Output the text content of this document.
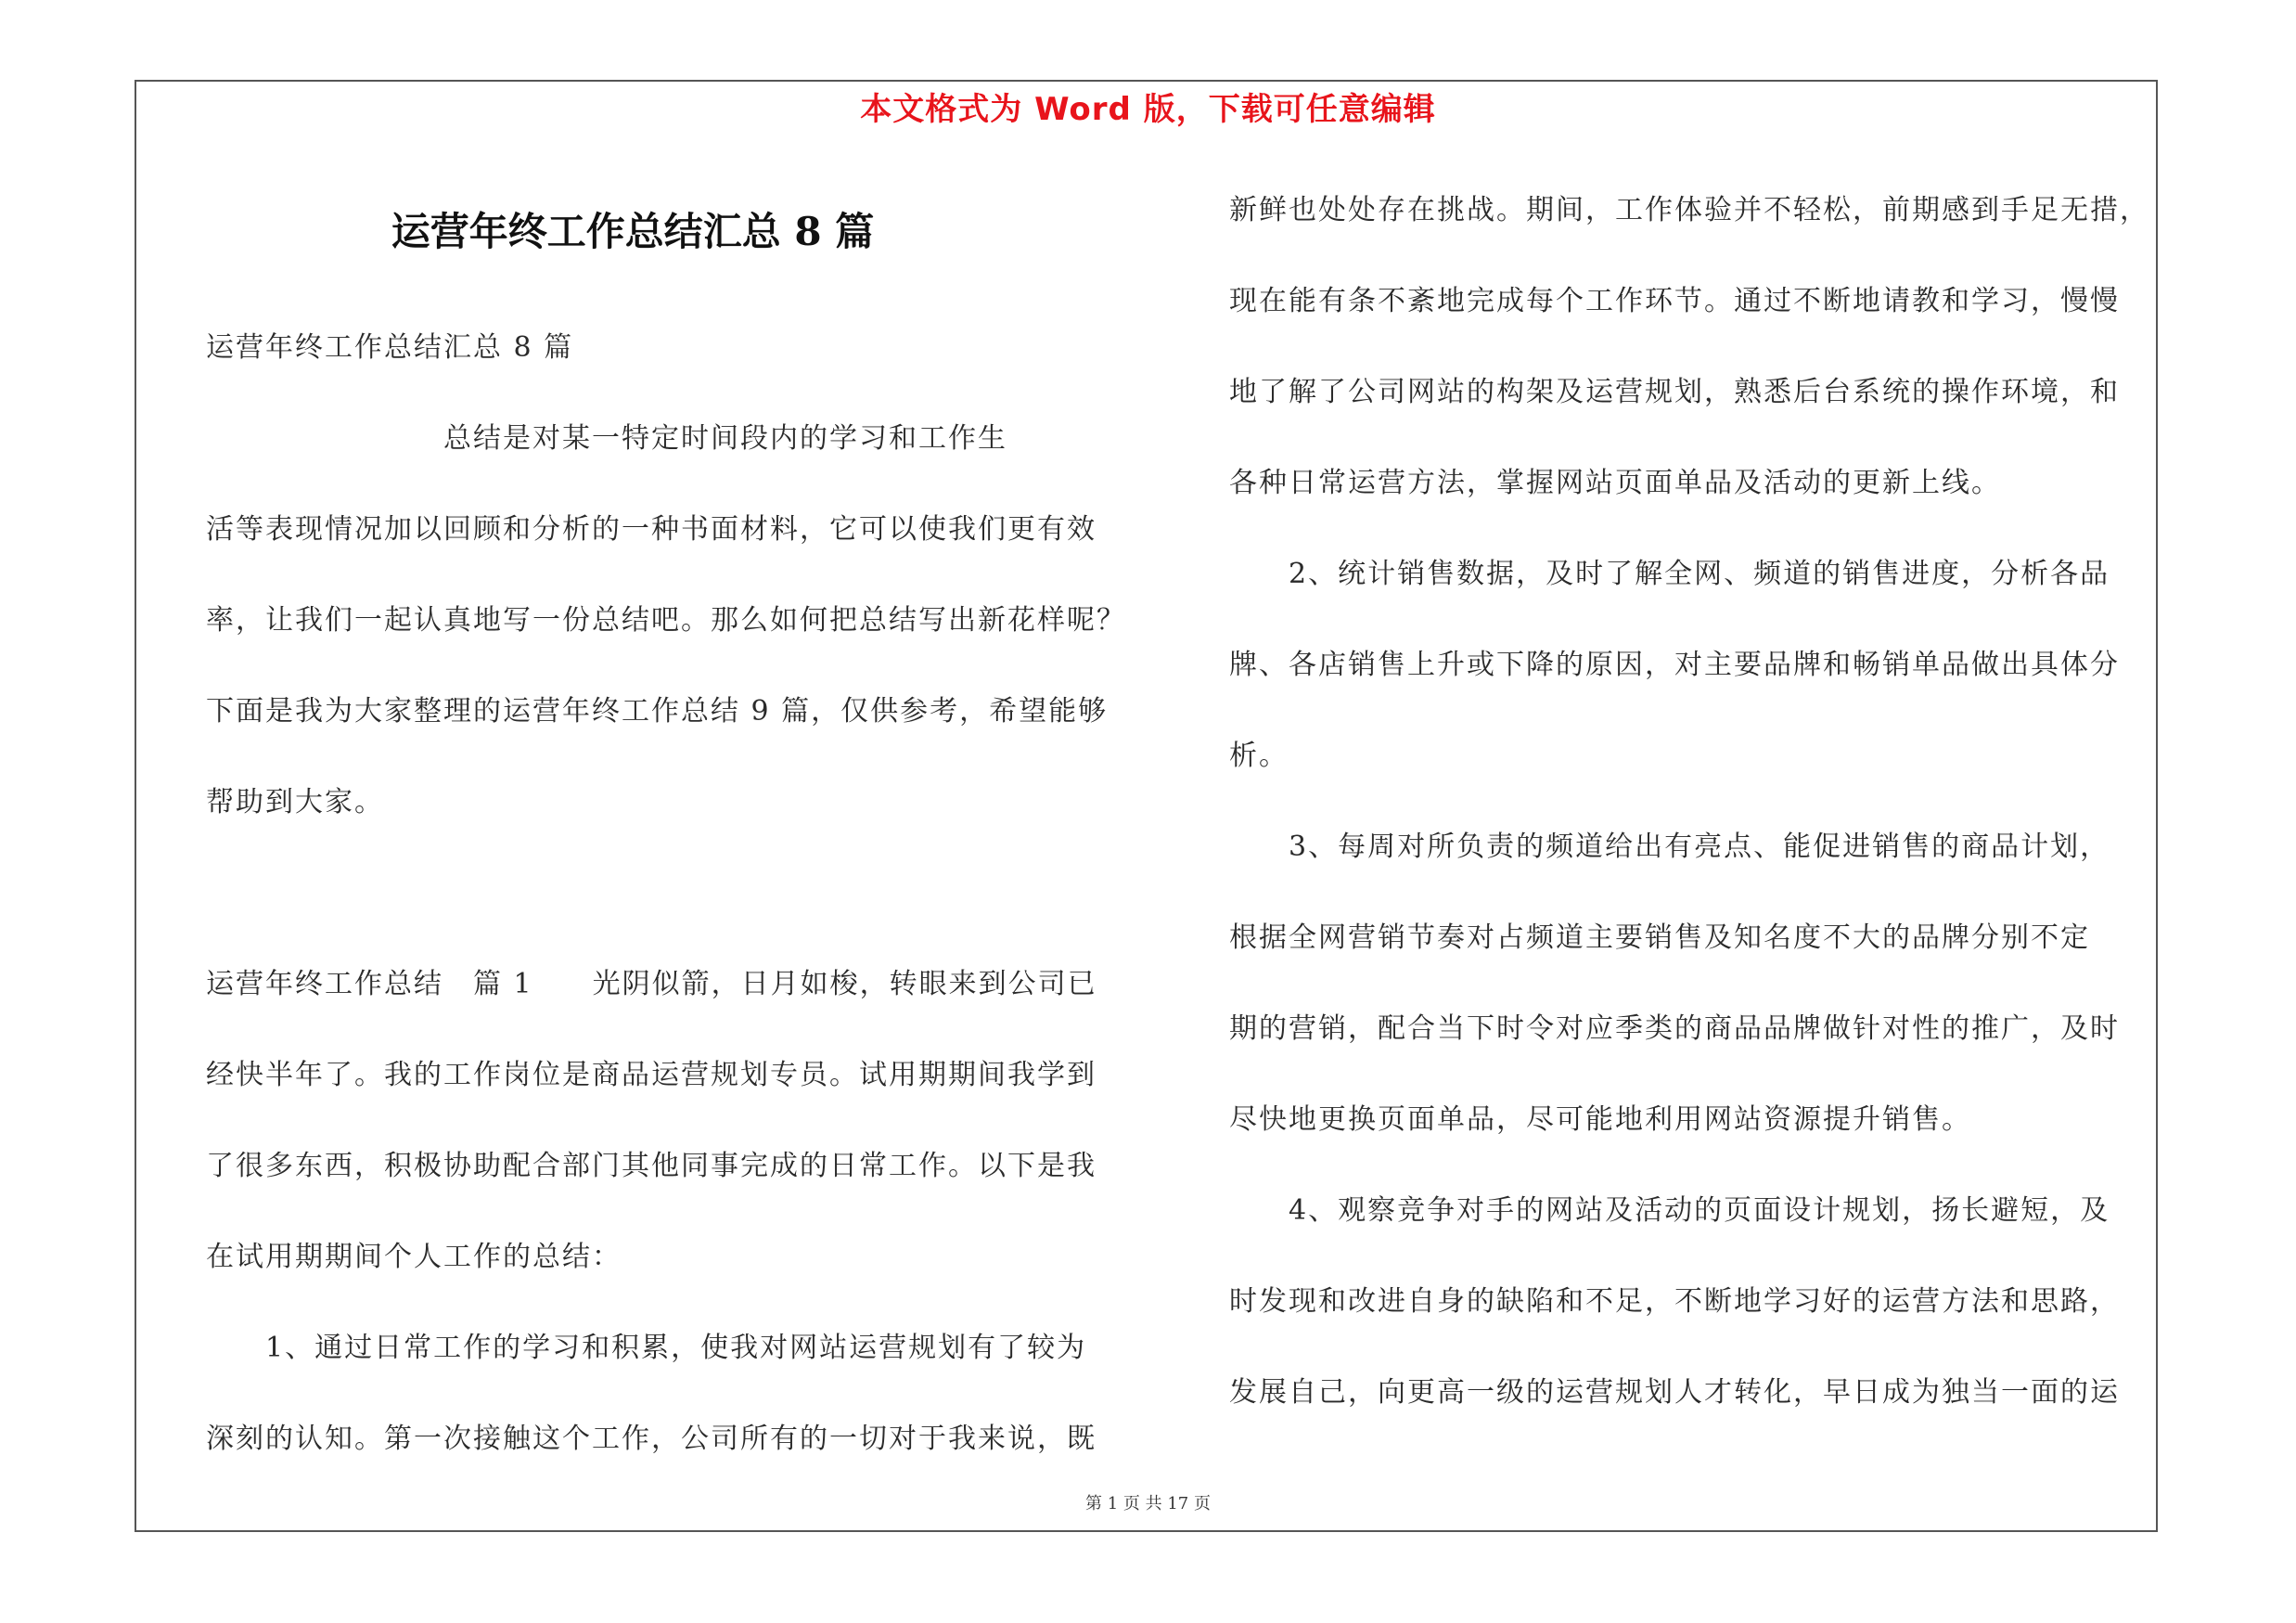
本文格式为 Word 版，下载可任意编辑
运营年终工作总结汇总 8 篇
运营年终工作总结汇总 8 篇
　　　　　　　　总结是对某一特定时间段内的学习和工作生
活等表现情况加以回顾和分析的一种书面材料，它可以使我们更有效
率，让我们一起认真地写一份总结吧。那么如何把总结写出新花样呢？
下面是我为大家整理的运营年终工作总结 9 篇，仅供参考，希望能够
帮助到大家。
运营年终工作总结　篇 1　　光阴似箭，日月如梭，转眼来到公司已
经快半年了。我的工作岗位是商品运营规划专员。试用期期间我学到
了很多东西，积极协助配合部门其他同事完成的日常工作。以下是我
在试用期期间个人工作的总结：
　　1、通过日常工作的学习和积累，使我对网站运营规划有了较为
深刻的认知。第一次接触这个工作，公司所有的一切对于我来说，既
新鲜也处处存在挑战。期间，工作体验并不轻松，前期感到手足无措，
现在能有条不紊地完成每个工作环节。通过不断地请教和学习，慢慢
地了解了公司网站的构架及运营规划，熟悉后台系统的操作环境，和
各种日常运营方法，掌握网站页面单品及活动的更新上线。
　　2、统计销售数据，及时了解全网、频道的销售进度，分析各品
牌、各店销售上升或下降的原因，对主要品牌和畅销单品做出具体分
析。
　　3、每周对所负责的频道给出有亮点、能促进销售的商品计划，
根据全网营销节奏对占频道主要销售及知名度不大的品牌分别不定
期的营销，配合当下时令对应季类的商品品牌做针对性的推广，及时
尽快地更换页面单品，尽可能地利用网站资源提升销售。
　　4、观察竞争对手的网站及活动的页面设计规划，扬长避短，及
时发现和改进自身的缺陷和不足，不断地学习好的运营方法和思路，
发展自己，向更高一级的运营规划人才转化，早日成为独当一面的运
第 1 页 共 17 页
